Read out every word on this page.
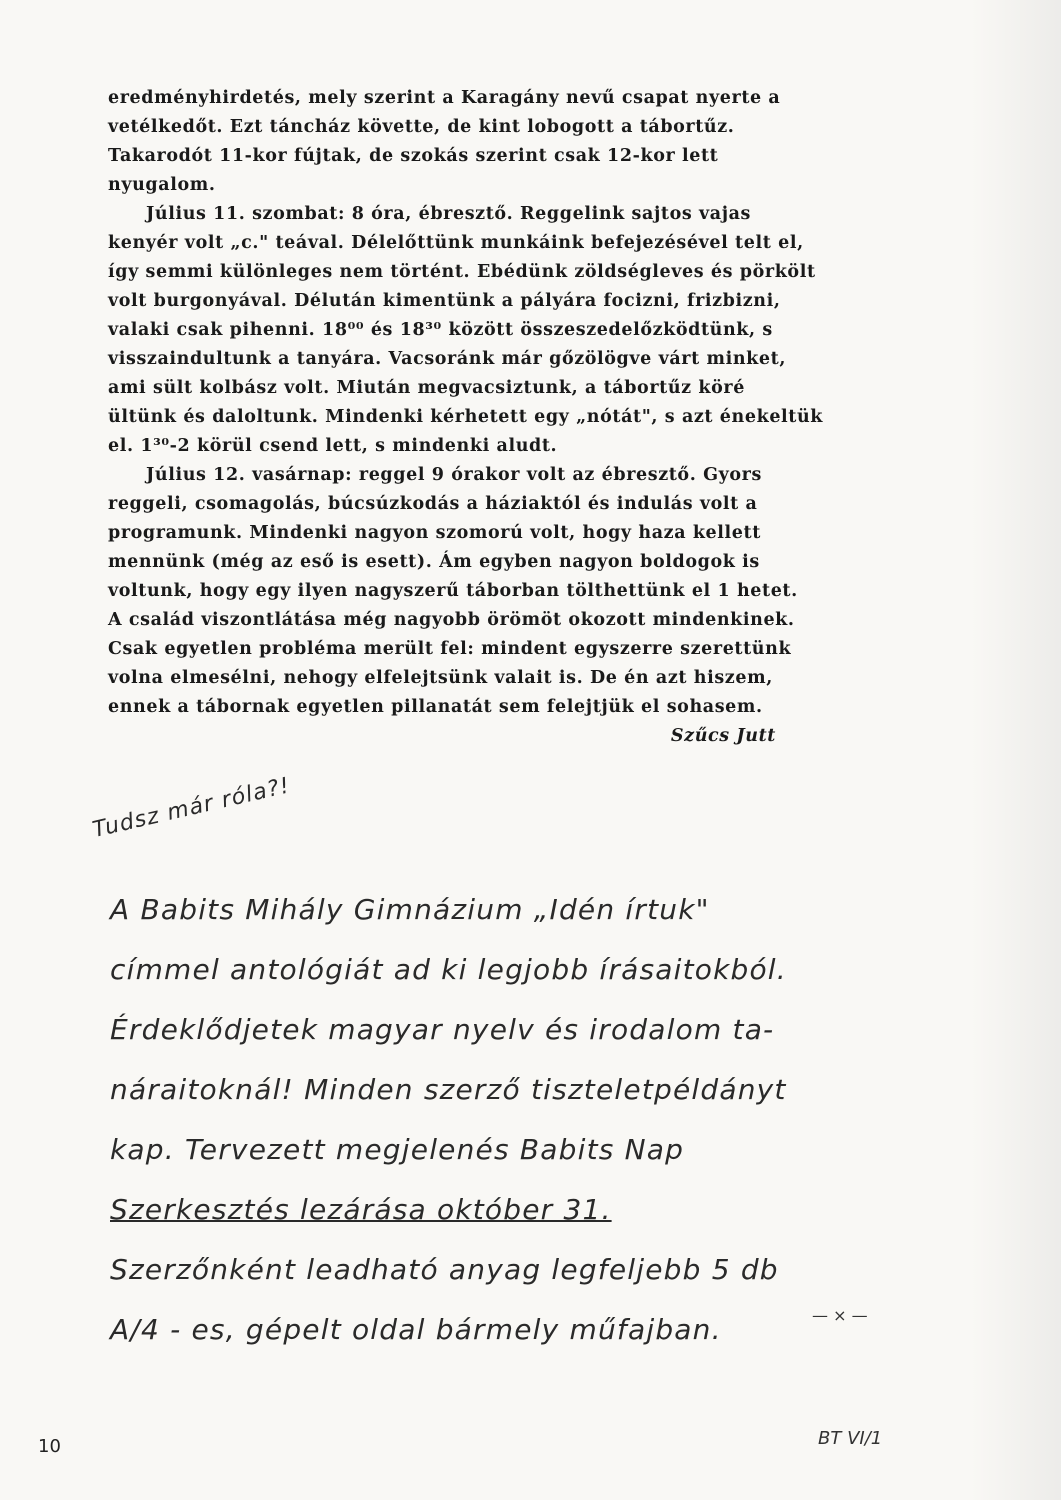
eredményhirdetés, mely szerint a Karagány nevű csapat nyerte a

vetélkedőt. Ezt táncház követte, de kint lobogott a tábortűz.

Takarodót 11-kor fújtak, de szokás szerint csak 12-kor lett

nyugalom.

Július 11. szombat: 8 óra, ébresztő. Reggelink sajtos vajas

kenyér volt „c." teával. Délelőttünk munkáink befejezésével telt el,

így semmi különleges nem történt. Ebédünk zöldségleves és pörkölt

volt burgonyával. Délután kimentünk a pályára focizni, frizbizni,

valaki csak pihenni. 18⁰⁰ és 18³⁰ között összeszedelőzködtünk, s

visszaindultunk a tanyára. Vacsoránk már gőzölögve várt minket,

ami sült kolbász volt. Miután megvacsiztunk, a tábortűz köré

ültünk és daloltunk. Mindenki kérhetett egy „nótát", s azt énekeltük

el. 1³⁰-2 körül csend lett, s mindenki aludt.

Július 12. vasárnap: reggel 9 órakor volt az ébresztő. Gyors

reggeli, csomagolás, búcsúzkodás a háziaktól és indulás volt a

programunk. Mindenki nagyon szomorú volt, hogy haza kellett

mennünk (még az eső is esett). Ám egyben nagyon boldogok is

voltunk, hogy egy ilyen nagyszerű táborban tölthettünk el 1 hetet.

A család viszontlátása még nagyobb örömöt okozott mindenkinek.

Csak egyetlen probléma merült fel: mindent egyszerre szerettünk

volna elmesélni, nehogy elfelejtsünk valait is. De én azt hiszem,

ennek a tábornak egyetlen pillanatát sem felejtjük el sohasem.

Szűcs Jutt

Tudsz már róla?!
A Babits Mihály Gimnázium „Idén írtuk"
címmel antológiát ad ki legjobb írásaitokból.
Érdeklődjetek magyar nyelv és irodalom ta-
náraitoknál! Minden szerző tiszteletpéldányt
kap. Tervezett megjelenés Babits Nap
Szerkesztés lezárása október 31.
Szerzőnként leadható anyag legfeljebb 5 db
A/4 - es, gépelt oldal bármely műfajban.	— × —
10	BT VI/1
